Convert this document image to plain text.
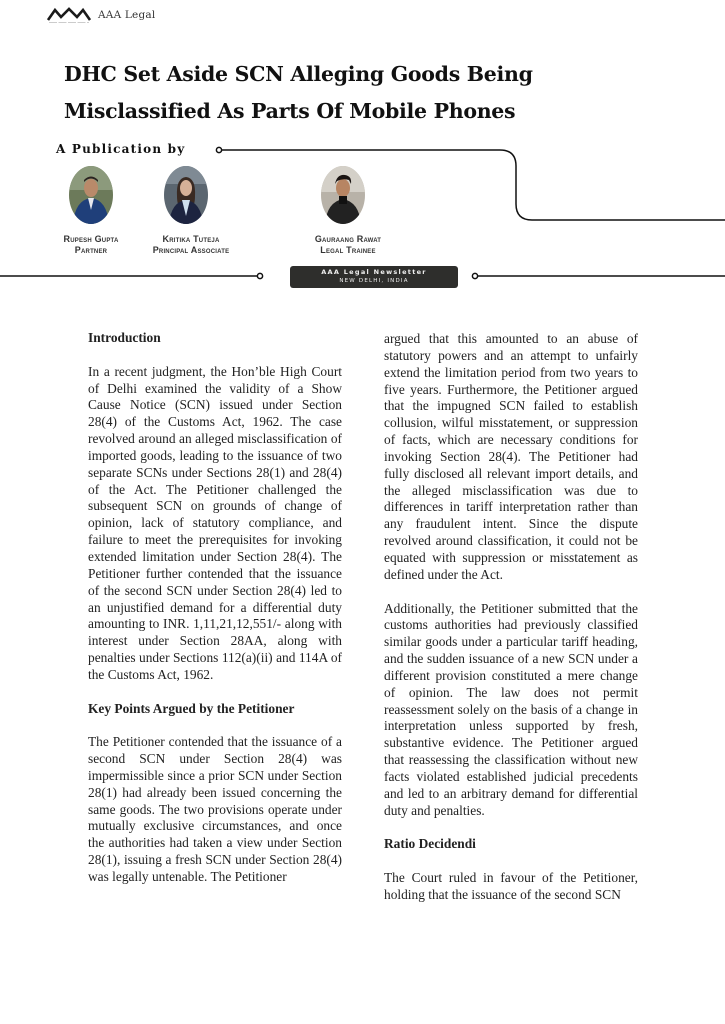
AAA Legal
DHC Set Aside SCN Alleging Goods Being
Misclassified As Parts Of Mobile Phones
A Publication by
Rupesh Gupta
Partner
Kritika Tuteja
Principal Associate
Gauraang Rawat
Legal Trainee
AAA Legal Newsletter
NEW DELHI, INDIA
Introduction

In a recent judgment, the Hon’ble High Court of Delhi examined the validity of a Show Cause Notice (SCN) issued under Section 28(4) of the Customs Act, 1962. The case revolved around an alleged misclassification of imported goods, leading to the issuance of two separate SCNs under Sections 28(1) and 28(4) of the Act. The Petitioner challenged the subsequent SCN on grounds of change of opinion, lack of statutory compliance, and failure to meet the prerequisites for invoking extended limitation under Section 28(4). The Petitioner further contended that the issuance of the second SCN under Section 28(4) led to an unjustified demand for a differential duty amounting to INR. 1,11,21,12,551/- along with interest under Section 28AA, along with penalties under Sections 112(a)(ii) and 114A of the Customs Act, 1962.

Key Points Argued by the Petitioner

The Petitioner contended that the issuance of a second SCN under Section 28(4) was impermissible since a prior SCN under Section 28(1) had already been issued concerning the same goods. The two provisions operate under mutually exclusive circumstances, and once the authorities had taken a view under Section 28(1), issuing a fresh SCN under Section 28(4) was legally untenable. The Petitioner

argued that this amounted to an abuse of statutory powers and an attempt to unfairly extend the limitation period from two years to five years. Furthermore, the Petitioner argued that the impugned SCN failed to establish collusion, wilful misstatement, or suppression of facts, which are necessary conditions for invoking Section 28(4). The Petitioner had fully disclosed all relevant import details, and the alleged misclassification was due to differences in tariff interpretation rather than any fraudulent intent. Since the dispute revolved around classification, it could not be equated with suppression or misstatement as defined under the Act.

Additionally, the Petitioner submitted that the customs authorities had previously classified similar goods under a particular tariff heading, and the sudden issuance of a new SCN under a different provision constituted a mere change of opinion. The law does not permit reassessment solely on the basis of a change in interpretation unless supported by fresh, substantive evidence. The Petitioner argued that reassessing the classification without new facts violated established judicial precedents and led to an arbitrary demand for differential duty and penalties.

Ratio Decidendi

The Court ruled in favour of the Petitioner, holding that the issuance of the second SCN
